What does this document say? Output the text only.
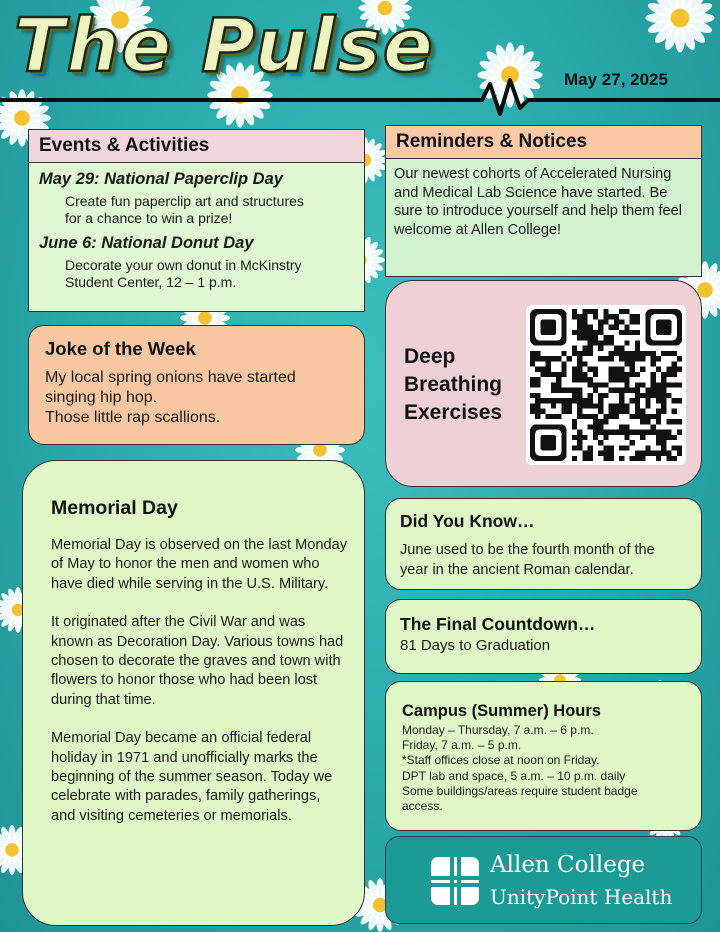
The Pulse	May 27, 2025
Events & Activities
May 29: National Paperclip Day
Create fun paperclip art and structures
for a chance to win a prize!
June 6: National Donut Day
Decorate your own donut in McKinstry
Student Center, 12 – 1 p.m.
Reminders & Notices
Our newest cohorts of Accelerated Nursing and Medical Lab Science have started. Be sure to introduce yourself and help them feel welcome at Allen College!
Joke of the Week
My local spring onions have started
singing hip hop.
Those little rap scallions.
Deep
Breathing
Exercises
Memorial Day

Memorial Day is observed on the last Monday of May to honor the men and women who have died while serving in the U.S. Military.

It originated after the Civil War and was known as Decoration Day. Various towns had chosen to decorate the graves and town with flowers to honor those who had been lost during that time.

Memorial Day became an official federal holiday in 1971 and unofficially marks the beginning of the summer season. Today we celebrate with parades, family gatherings, and visiting cemeteries or memorials.

Did You Know…
June used to be the fourth month of the year in the ancient Roman calendar.
The Final Countdown…
81 Days to Graduation
Campus (Summer) Hours
Monday – Thursday, 7 a.m. – 6 p.m.
Friday, 7 a.m. – 5 p.m.
*Staff offices close at noon on Friday.
DPT lab and space, 5 a.m. – 10 p.m. daily
Some buildings/areas require student badge
access.
Allen College
UnityPoint Health
